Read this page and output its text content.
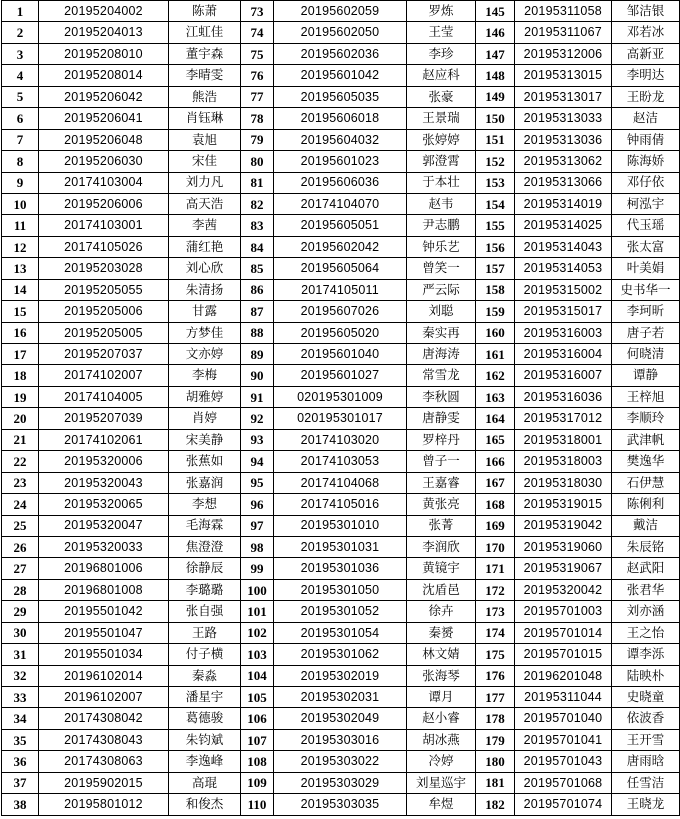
1	20195204002	陈萧	73	20195602059	罗炼	145	20195311058	邹洁银
2	20195204013	江虹佳	74	20195602050	王莹	146	20195311067	邓若冰
3	20195208010	董宇森	75	20195602036	李珍	147	20195312006	高新亚
4	20195208014	李晴雯	76	20195601042	赵应科	148	20195313015	李明达
5	20195206042	熊浩	77	20195605035	张豪	149	20195313017	王盼龙
6	20195206041	肖钰琳	78	20195606018	王景瑞	150	20195313033	赵洁
7	20195206048	袁旭	79	20195604032	张婷婷	151	20195313036	钟雨倩
8	20195206030	宋佳	80	20195601023	郭澄霄	152	20195313062	陈海娇
9	20174103004	刘力凡	81	20195606036	于本壮	153	20195313066	邓仔依
10	20195206006	高天浩	82	20174104070	赵韦	154	20195314019	柯泓宇
11	20174103001	李茜	83	20195605051	尹志鹏	155	20195314025	代玉瑶
12	20174105026	蒲红艳	84	20195602042	钟乐艺	156	20195314043	张太富
13	20195203028	刘心欣	85	20195605064	曾笑一	157	20195314053	叶美娟
14	20195205055	朱清扬	86	20174105011	严云际	158	20195315002	史书华一
15	20195205006	甘露	87	20195607026	刘聪	159	20195315017	李珂昕
16	20195205005	方梦佳	88	20195605020	秦实再	160	20195316003	唐子若
17	20195207037	文亦婷	89	20195601040	唐海涛	161	20195316004	何晓清
18	20174102007	李梅	90	20195601027	常雪龙	162	20195316007	谭静
19	20174104005	胡雅婷	91	020195301009	李秋圆	163	20195316036	王梓旭
20	20195207039	肖婷	92	020195301017	唐静雯	164	20195317012	李顺玲
21	20174102061	宋美静	93	20174103020	罗梓丹	165	20195318001	武津帆
22	20195320006	张蕉如	94	20174103053	曾子一	166	20195318003	樊逸华
23	20195320043	张嘉润	95	20174104068	王嘉睿	167	20195318030	石伊慧
24	20195320065	李想	96	20174105016	黄张亮	168	20195319015	陈俐利
25	20195320047	毛海霖	97	20195301010	张菁	169	20195319042	戴洁
26	20195320033	焦澄澄	98	20195301031	李润欣	170	20195319060	朱辰铭
27	20196801006	徐静辰	99	20195301036	黄镜宇	171	20195319067	赵武阳
28	20196801008	李璐璐	100	20195301050	沈盾邑	172	20195320042	张君华
29	20195501042	张自强	101	20195301052	徐卉	173	20195701003	刘亦涵
30	20195501047	王路	102	20195301054	秦赟	174	20195701014	王之怡
31	20195501034	付子横	103	20195301062	林文婧	175	20195701015	谭李泺
32	20196102014	秦淼	104	20195302019	张海琴	176	20196201048	陆映朴
33	20196102007	潘星宇	105	20195302031	谭月	177	20195311044	史晓童
34	20174308042	葛德骏	106	20195302049	赵小睿	178	20195701040	依波香
35	20174308043	朱钧斌	107	20195303016	胡冰燕	179	20195701041	王开雪
36	20174308063	李逸峰	108	20195303022	冷婷	180	20195701043	唐雨晗
37	20195902015	高琨	109	20195303029	刘星巡宇	181	20195701068	任雪洁
38	20195801012	和俊杰	110	20195303035	牟煜	182	20195701074	王晓龙
